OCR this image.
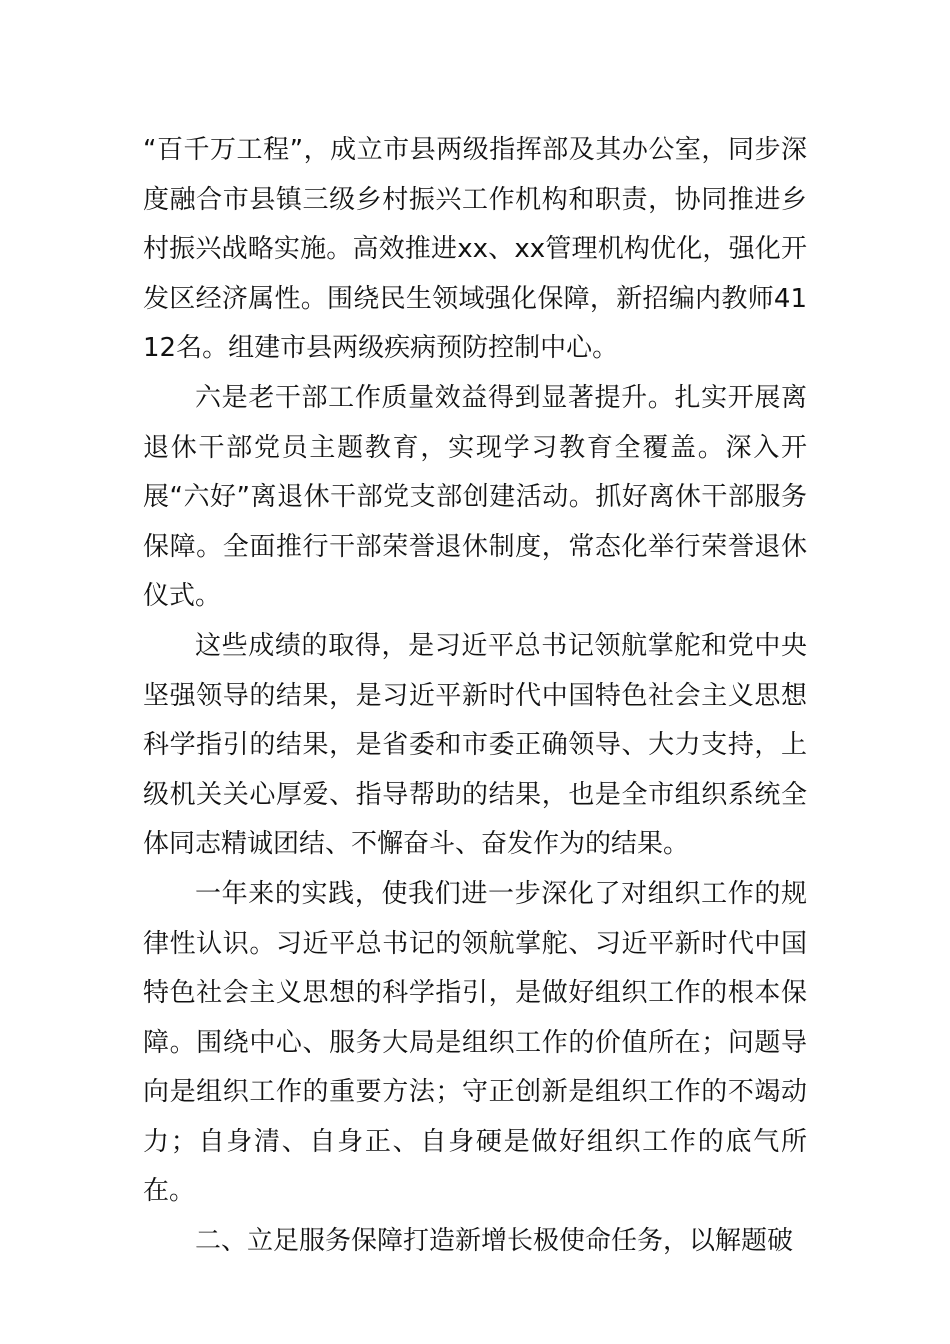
“百千万工程”，成立市县两级指挥部及其办公室，同步深度融合市县镇三级乡村振兴工作机构和职责，协同推进乡村振兴战略实施。高效推进xx、xx管理机构优化，强化开发区经济属性。围绕民生领域强化保障，新招编内教师4112名。组建市县两级疾病预防控制中心。

六是老干部工作质量效益得到显著提升。扎实开展离退休干部党员主题教育，实现学习教育全覆盖。深入开展“六好”离退休干部党支部创建活动。抓好离休干部服务保障。全面推行干部荣誉退休制度，常态化举行荣誉退休仪式。

这些成绩的取得，是习近平总书记领航掌舵和党中央坚强领导的结果，是习近平新时代中国特色社会主义思想科学指引的结果，是省委和市委正确领导、大力支持，上级机关关心厚爱、指导帮助的结果，也是全市组织系统全体同志精诚团结、不懈奋斗、奋发作为的结果。

一年来的实践，使我们进一步深化了对组织工作的规律性认识。习近平总书记的领航掌舵、习近平新时代中国特色社会主义思想的科学指引，是做好组织工作的根本保障。围绕中心、服务大局是组织工作的价值所在；问题导向是组织工作的重要方法；守正创新是组织工作的不竭动力；自身清、自身正、自身硬是做好组织工作的底气所在。

二、立足服务保障打造新增长极使命任务，以解题破
